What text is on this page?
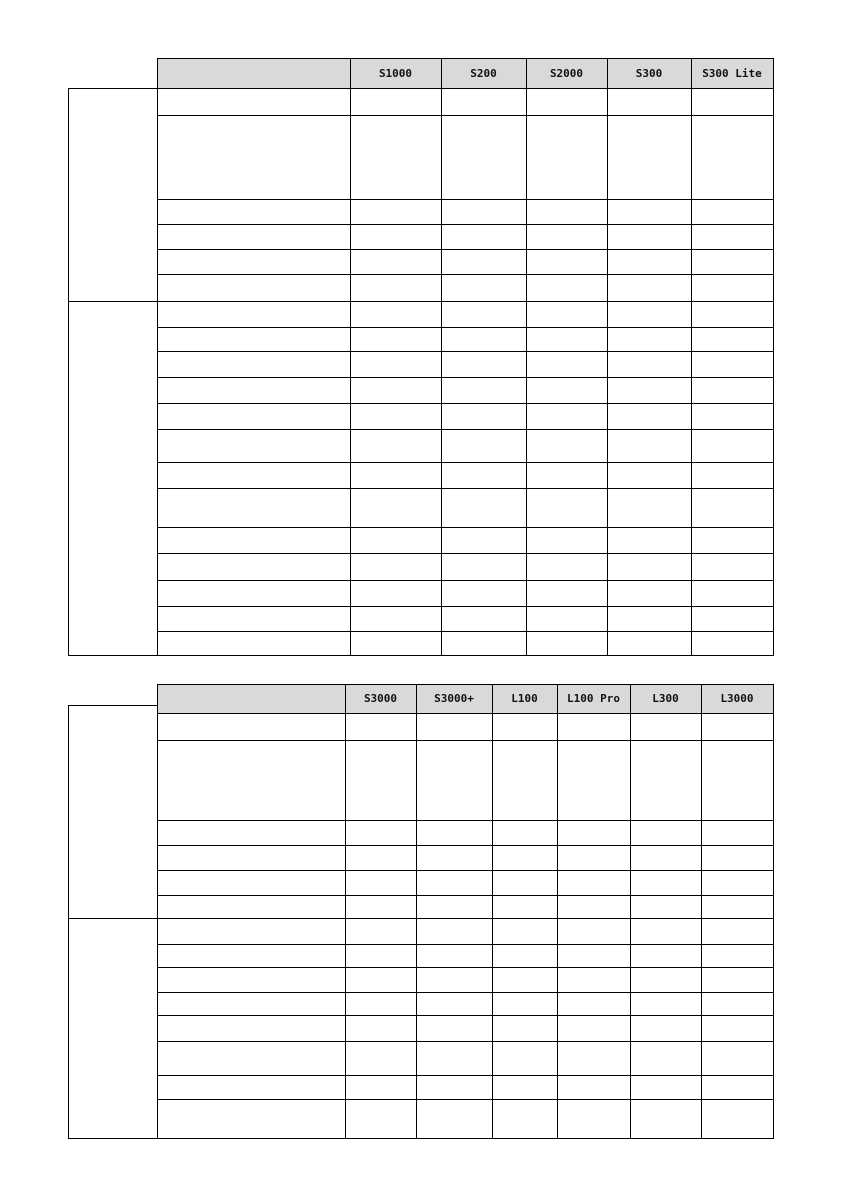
S1000	S200	S2000	S300	S300 Lite
S3000	S3000+	L100	L100 Pro	L300	L3000
